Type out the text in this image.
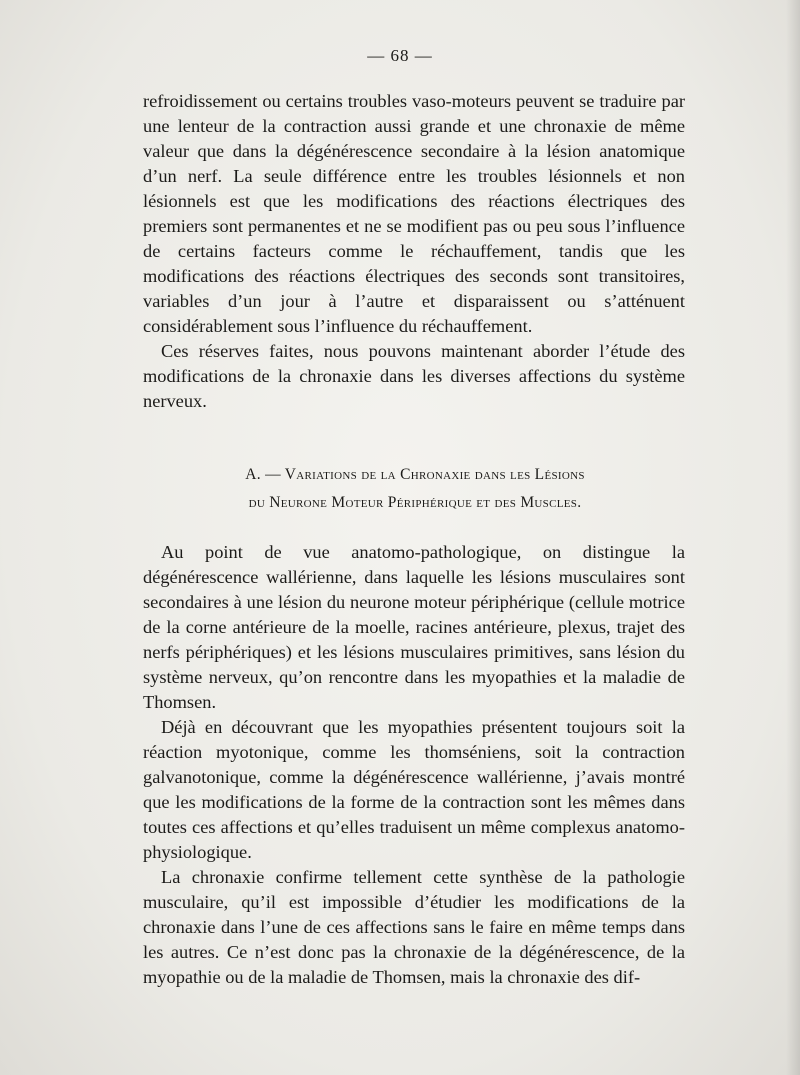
— 68 —

refroidissement ou certains troubles vaso-moteurs peuvent se traduire par une lenteur de la contraction aussi grande et une chronaxie de même valeur que dans la dégénérescence secondaire à la lésion anatomique d’un nerf. La seule différence entre les troubles lésionnels et non lésionnels est que les modifications des réactions électriques des premiers sont permanentes et ne se modifient pas ou peu sous l’influence de certains facteurs comme le réchauffement, tandis que les modifications des réactions électriques des seconds sont transitoires, variables d’un jour à l’autre et disparaissent ou s’atténuent considérablement sous l’influence du réchauffement.

Ces réserves faites, nous pouvons maintenant aborder l’étude des modifications de la chronaxie dans les diverses affections du système nerveux.

A. — Variations de la Chronaxie dans les Lésions
du Neurone Moteur Périphérique et des Muscles.

Au point de vue anatomo-pathologique, on distingue la dégénérescence wallérienne, dans laquelle les lésions musculaires sont secondaires à une lésion du neurone moteur périphérique (cellule motrice de la corne antérieure de la moelle, racines antérieure, plexus, trajet des nerfs périphériques) et les lésions musculaires primitives, sans lésion du système nerveux, qu’on rencontre dans les myopathies et la maladie de Thomsen.

Déjà en découvrant que les myopathies présentent toujours soit la réaction myotonique, comme les thomséniens, soit la contraction galvanotonique, comme la dégénérescence wallérienne, j’avais montré que les modifications de la forme de la contraction sont les mêmes dans toutes ces affections et qu’elles traduisent un même complexus anatomo-physiologique.

La chronaxie confirme tellement cette synthèse de la pathologie musculaire, qu’il est impossible d’étudier les modifications de la chronaxie dans l’une de ces affections sans le faire en même temps dans les autres. Ce n’est donc pas la chronaxie de la dégénérescence, de la myopathie ou de la maladie de Thomsen, mais la chronaxie des dif-
